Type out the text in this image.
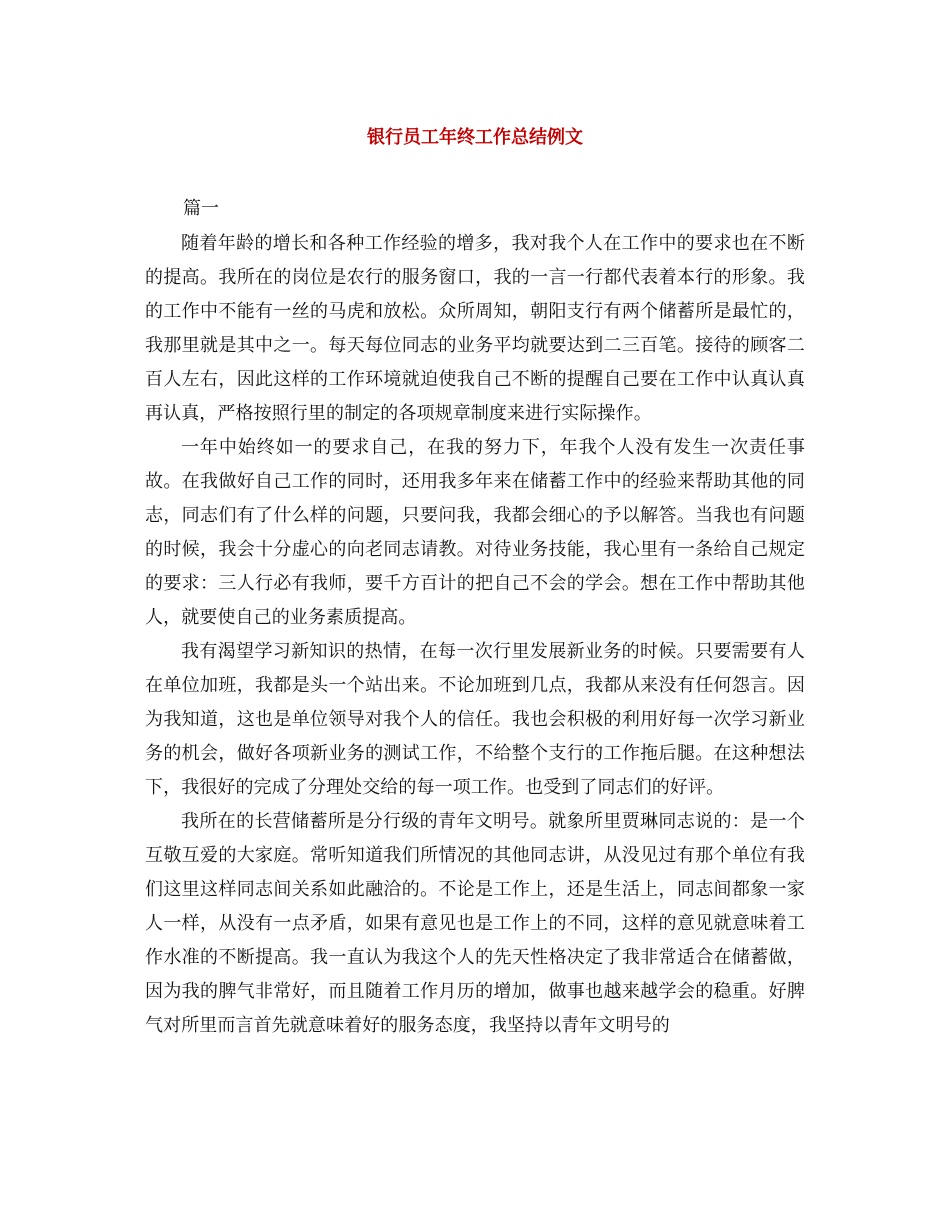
银行员工年终工作总结例文
篇一

随着年龄的增长和各种工作经验的增多，我对我个人在工作中的要求也在不断的提高。我所在的岗位是农行的服务窗口，我的一言一行都代表着本行的形象。我的工作中不能有一丝的马虎和放松。众所周知，朝阳支行有两个储蓄所是最忙的，我那里就是其中之一。每天每位同志的业务平均就要达到二三百笔。接待的顾客二百人左右，因此这样的工作环境就迫使我自己不断的提醒自己要在工作中认真认真再认真，严格按照行里的制定的各项规章制度来进行实际操作。

一年中始终如一的要求自己，在我的努力下，年我个人没有发生一次责任事故。在我做好自己工作的同时，还用我多年来在储蓄工作中的经验来帮助其他的同志，同志们有了什么样的问题，只要问我，我都会细心的予以解答。当我也有问题的时候，我会十分虚心的向老同志请教。对待业务技能，我心里有一条给自己规定的要求：三人行必有我师，要千方百计的把自己不会的学会。想在工作中帮助其他人，就要使自己的业务素质提高。

我有渴望学习新知识的热情，在每一次行里发展新业务的时候。只要需要有人在单位加班，我都是头一个站出来。不论加班到几点，我都从来没有任何怨言。因为我知道，这也是单位领导对我个人的信任。我也会积极的利用好每一次学习新业务的机会，做好各项新业务的测试工作，不给整个支行的工作拖后腿。在这种想法下，我很好的完成了分理处交给的每一项工作。也受到了同志们的好评。

我所在的长营储蓄所是分行级的青年文明号。就象所里贾琳同志说的：是一个互敬互爱的大家庭。常听知道我们所情况的其他同志讲，从没见过有那个单位有我们这里这样同志间关系如此融洽的。不论是工作上，还是生活上，同志间都象一家人一样，从没有一点矛盾，如果有意见也是工作上的不同，这样的意见就意味着工作水准的不断提高。我一直认为我这个人的先天性格决定了我非常适合在储蓄做，因为我的脾气非常好，而且随着工作月历的增加，做事也越来越学会的稳重。好脾气对所里而言首先就意味着好的服务态度，我坚持以青年文明号的
